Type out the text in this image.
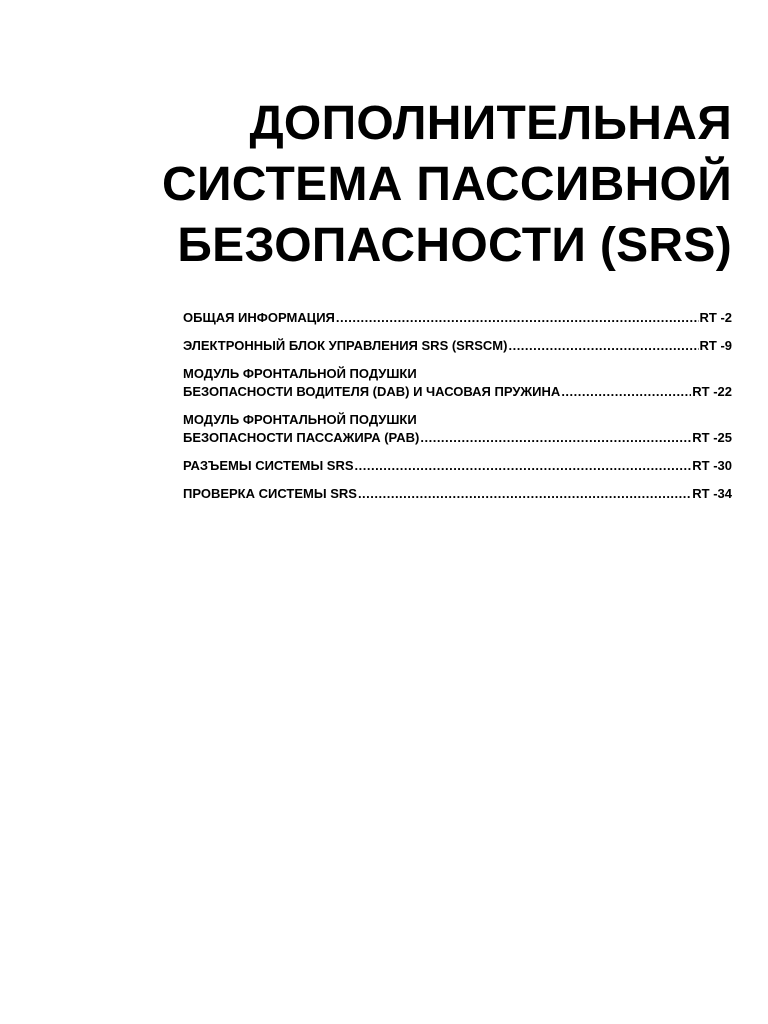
ДОПОЛНИТЕЛЬНАЯ
СИСТЕМА ПАССИВНОЙ
БЕЗОПАСНОСТИ (SRS)
ОБЩАЯ ИНФОРМАЦИЯ .....	RT -2
ЭЛЕКТРОННЫЙ БЛОК УПРАВЛЕНИЯ SRS (SRSCM) .....	RT -9
МОДУЛЬ ФРОНТАЛЬНОЙ ПОДУШКИ
БЕЗОПАСНОСТИ ВОДИТЕЛЯ (DAB) И ЧАСОВАЯ ПРУЖИНА .....	RT -22
МОДУЛЬ ФРОНТАЛЬНОЙ ПОДУШКИ
БЕЗОПАСНОСТИ ПАССАЖИРА (PAB) .....	RT -25
РАЗЪЕМЫ СИСТЕМЫ SRS .....	RT -30
ПРОВЕРКА СИСТЕМЫ SRS .....	RT -34
